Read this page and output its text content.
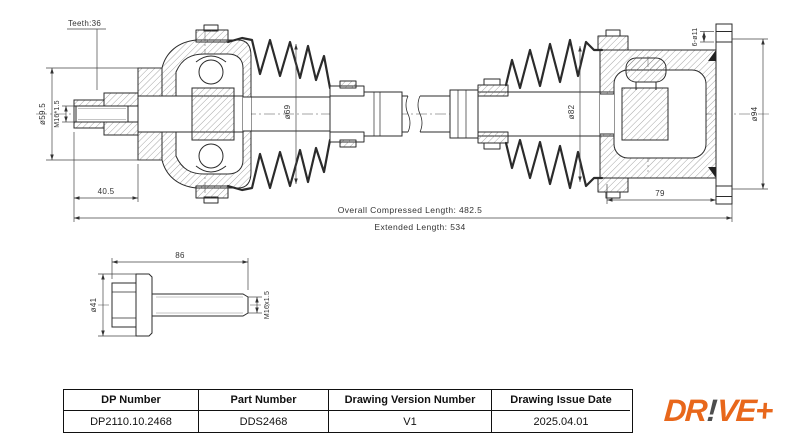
Teeth:36
ø59.5 M16*1.5
40.5
ø69	ø82
6-ø11
ø94
79
Overall Compressed Length: 482.5
Extended Length: 534
86
ø41	M16x1.5
DP Number	Part Number	Drawing Version Number	Drawing Issue Date
DP2110.10.2468	DDS2468	V1	2025.04.01	DR
!
VE+
